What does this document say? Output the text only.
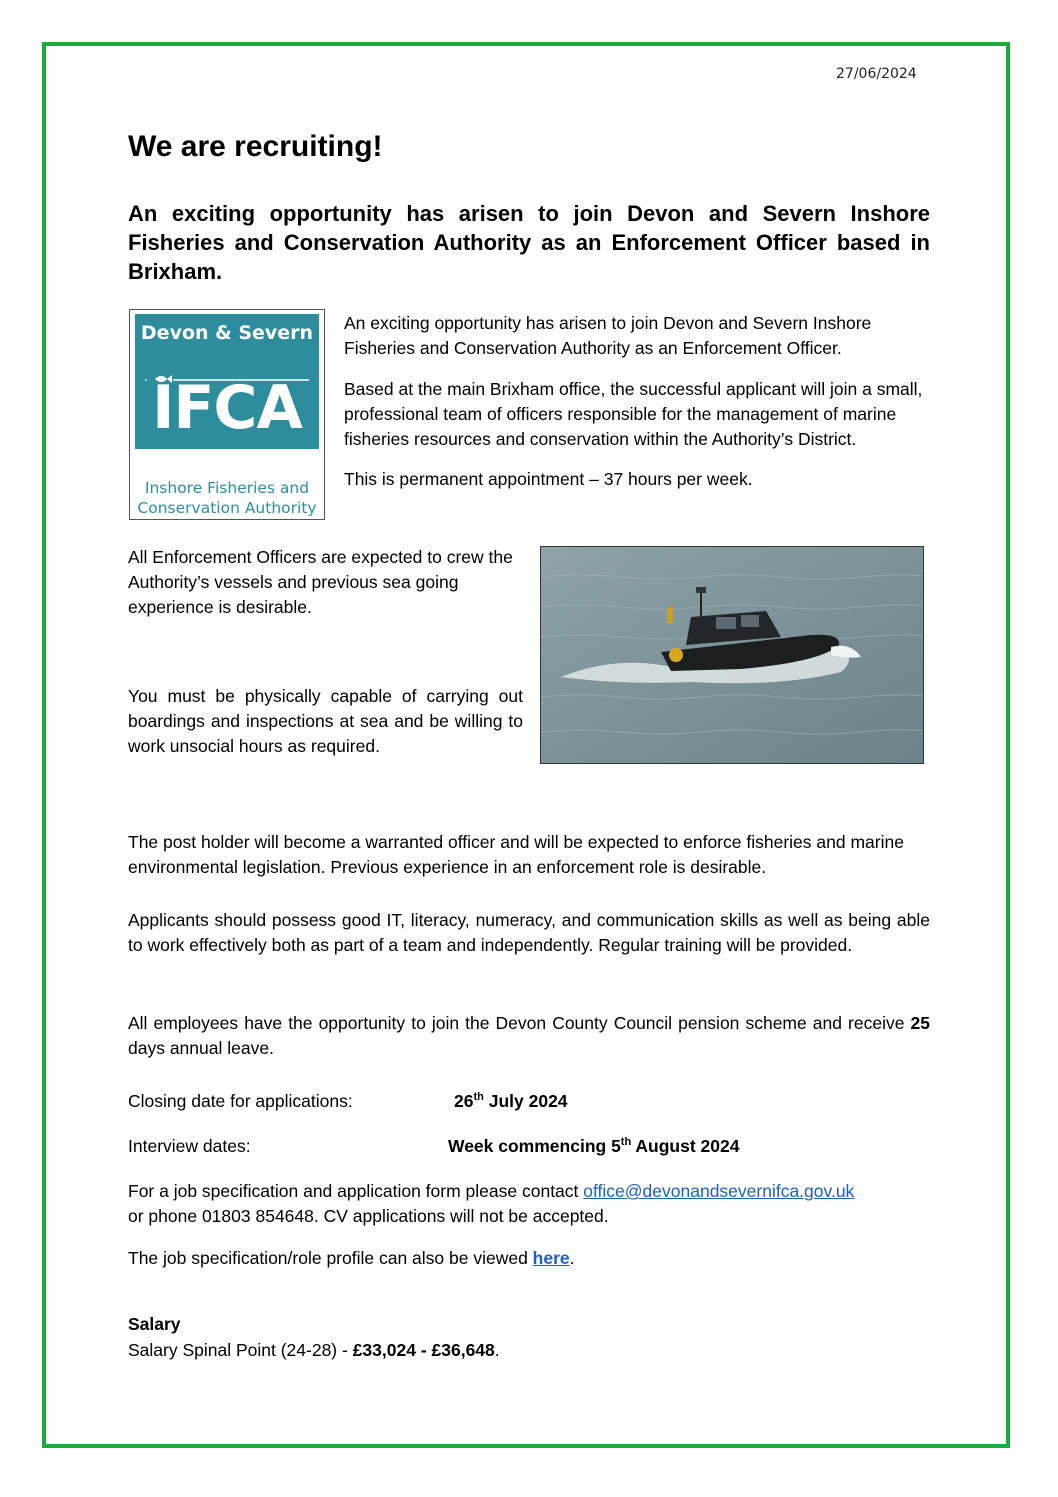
27/06/2024
We are recruiting!

An exciting opportunity has arisen to join Devon and Severn Inshore Fisheries and Conservation Authority as an Enforcement Officer based in Brixham.

Devon & Severn
IFCA
Inshore Fisheries and
Conservation Authority

An exciting opportunity has arisen to join Devon and Severn Inshore Fisheries and Conservation Authority as an Enforcement Officer.

Based at the main Brixham office, the successful applicant will join a small, professional team of officers responsible for the management of marine fisheries resources and conservation within the Authority’s District.

This is permanent appointment – 37 hours per week.

All Enforcement Officers are expected to crew the Authority’s vessels and previous sea going experience is desirable.

You must be physically capable of carrying out boardings and inspections at sea and be willing to work unsocial hours as required.

The post holder will become a warranted officer and will be expected to enforce fisheries and marine environmental legislation. Previous experience in an enforcement role is desirable.

Applicants should possess good IT, literacy, numeracy, and communication skills as well as being able to work effectively both as part of a team and independently. Regular training will be provided.

All employees have the opportunity to join the Devon County Council pension scheme and receive 25 days annual leave.

Closing date for applications:	26th July 2024
Interview dates:	Week commencing 5th August 2024
For a job specification and application form please contact office@devonandsevernifca.gov.uk
or phone 01803 854648. CV applications will not be accepted.
The job specification/role profile can also be viewed here.
Salary
Salary Spinal Point (24-28) - £33,024 - £36,648.
